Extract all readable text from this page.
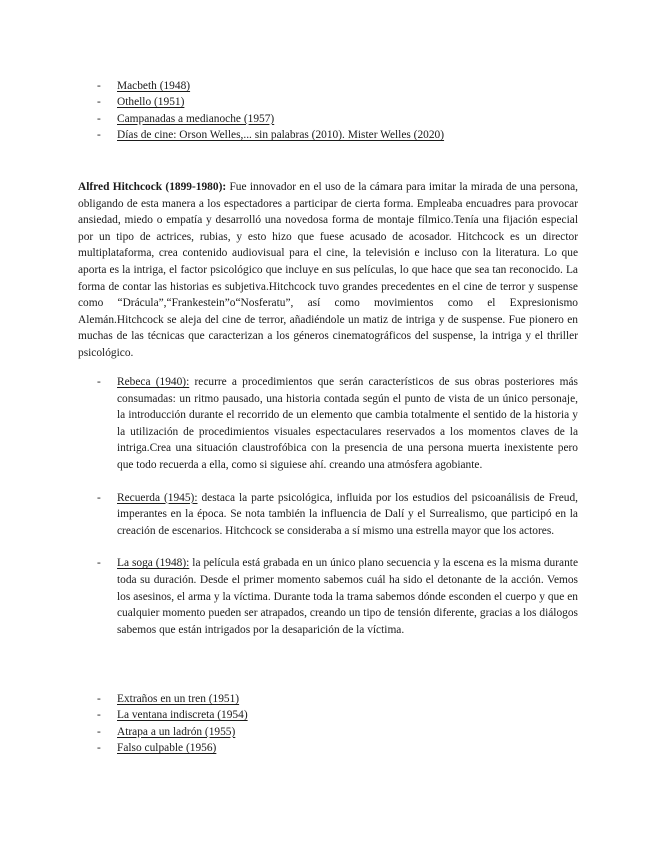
- Macbeth (1948)
- Othello (1951)
- Campanadas a medianoche (1957)
- Días de cine: Orson Welles,... sin palabras (2010). Mister Welles (2020)

Alfred Hitchcock (1899-1980): Fue innovador en el uso de la cámara para imitar la mirada de una persona, obligando de esta manera a los espectadores a participar de cierta forma. Empleaba encuadres para provocar ansiedad, miedo o empatía y desarrolló una novedosa forma de montaje fílmico.Tenía una fijación especial por un tipo de actrices, rubias, y esto hizo que fuese acusado de acosador. Hitchcock es un director multiplataforma, crea contenido audiovisual para el cine, la televisión e incluso con la literatura. Lo que aporta es la intriga, el factor psicológico que incluye en sus películas, lo que hace que sea tan reconocido. La forma de contar las historias es subjetiva.Hitchcock tuvo grandes precedentes en el cine de terror y suspense como “Drácula”,“Frankestein”o“Nosferatu”, así como movimientos como el Expresionismo Alemán.Hitchcock se aleja del cine de terror, añadiéndole un matiz de intriga y de suspense. Fue pionero en muchas de las técnicas que caracterizan a los géneros cinematográficos del suspense, la intriga y el thriller psicológico.

- Rebeca (1940): recurre a procedimientos que serán característicos de sus obras posteriores más consumadas: un ritmo pausado, una historia contada según el punto de vista de un único personaje, la introducción durante el recorrido de un elemento que cambia totalmente el sentido de la historia y la utilización de procedimientos visuales espectaculares reservados a los momentos claves de la intriga.Crea una situación claustrofóbica con la presencia de una persona muerta inexistente pero que todo recuerda a ella, como si siguiese ahí. creando una atmósfera agobiante.
- Recuerda (1945): destaca la parte psicológica, influida por los estudios del psicoanálisis de Freud, imperantes en la época. Se nota también la influencia de Dalí y el Surrealismo, que participó en la creación de escenarios. Hitchcock se consideraba a sí mismo una estrella mayor que los actores.
- La soga (1948): la película está grabada en un único plano secuencia y la escena es la misma durante toda su duración. Desde el primer momento sabemos cuál ha sido el detonante de la acción. Vemos los asesinos, el arma y la víctima. Durante toda la trama sabemos dónde esconden el cuerpo y que en cualquier momento pueden ser atrapados, creando un tipo de tensión diferente, gracias a los diálogos sabemos que están intrigados por la desaparición de la víctima.
- Extraños en un tren (1951)
- La ventana indiscreta (1954)
- Atrapa a un ladrón (1955)
- Falso culpable (1956)
